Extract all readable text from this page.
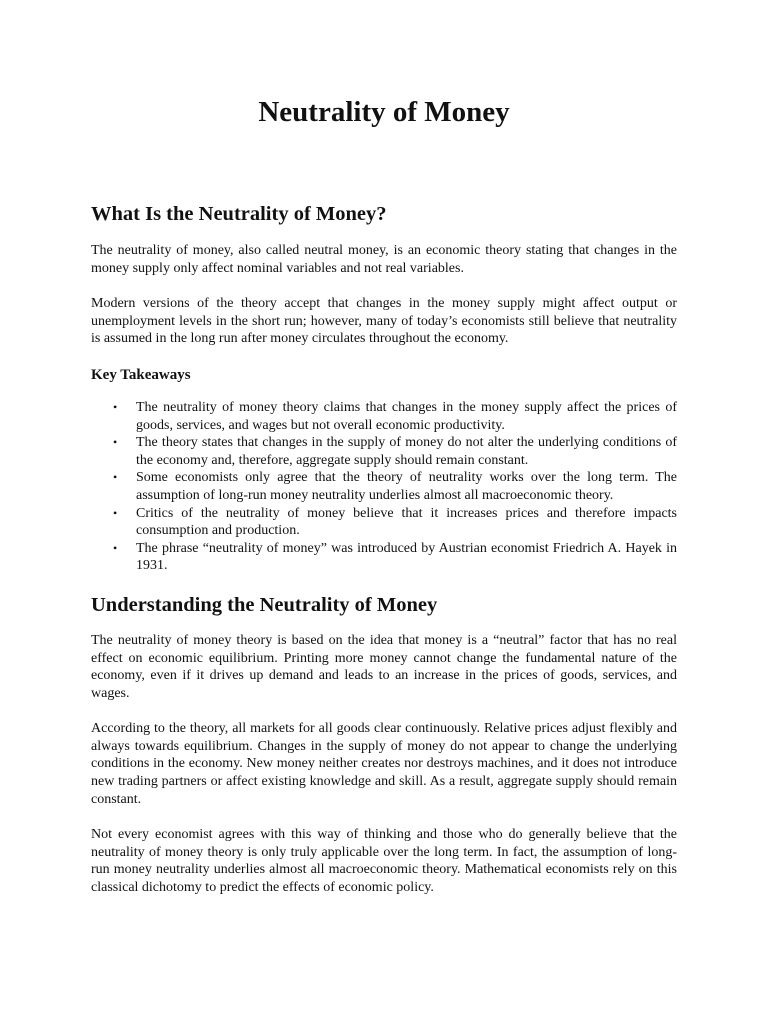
Neutrality of Money
What Is the Neutrality of Money?

The neutrality of money, also called neutral money, is an economic theory stating that changes in the money supply only affect nominal variables and not real variables.

Modern versions of the theory accept that changes in the money supply might affect output or unemployment levels in the short run; however, many of today’s economists still believe that neutrality is assumed in the long run after money circulates throughout the economy.

Key Takeaways
• The neutrality of money theory claims that changes in the money supply affect the prices of goods, services, and wages but not overall economic productivity.
• The theory states that changes in the supply of money do not alter the underlying conditions of the economy and, therefore, aggregate supply should remain constant.
• Some economists only agree that the theory of neutrality works over the long term. The assumption of long-run money neutrality underlies almost all macroeconomic theory.
• Critics of the neutrality of money believe that it increases prices and therefore impacts consumption and production.
• The phrase “neutrality of money” was introduced by Austrian economist Friedrich A. Hayek in 1931.
Understanding the Neutrality of Money

The neutrality of money theory is based on the idea that money is a “neutral” factor that has no real effect on economic equilibrium. Printing more money cannot change the fundamental nature of the economy, even if it drives up demand and leads to an increase in the prices of goods, services, and wages.

According to the theory, all markets for all goods clear continuously. Relative prices adjust flexibly and always towards equilibrium. Changes in the supply of money do not appear to change the underlying conditions in the economy. New money neither creates nor destroys machines, and it does not introduce new trading partners or affect existing knowledge and skill. As a result, aggregate supply should remain constant.

Not every economist agrees with this way of thinking and those who do generally believe that the neutrality of money theory is only truly applicable over the long term. In fact, the assumption of long-run money neutrality underlies almost all macroeconomic theory. Mathematical economists rely on this classical dichotomy to predict the effects of economic policy.
